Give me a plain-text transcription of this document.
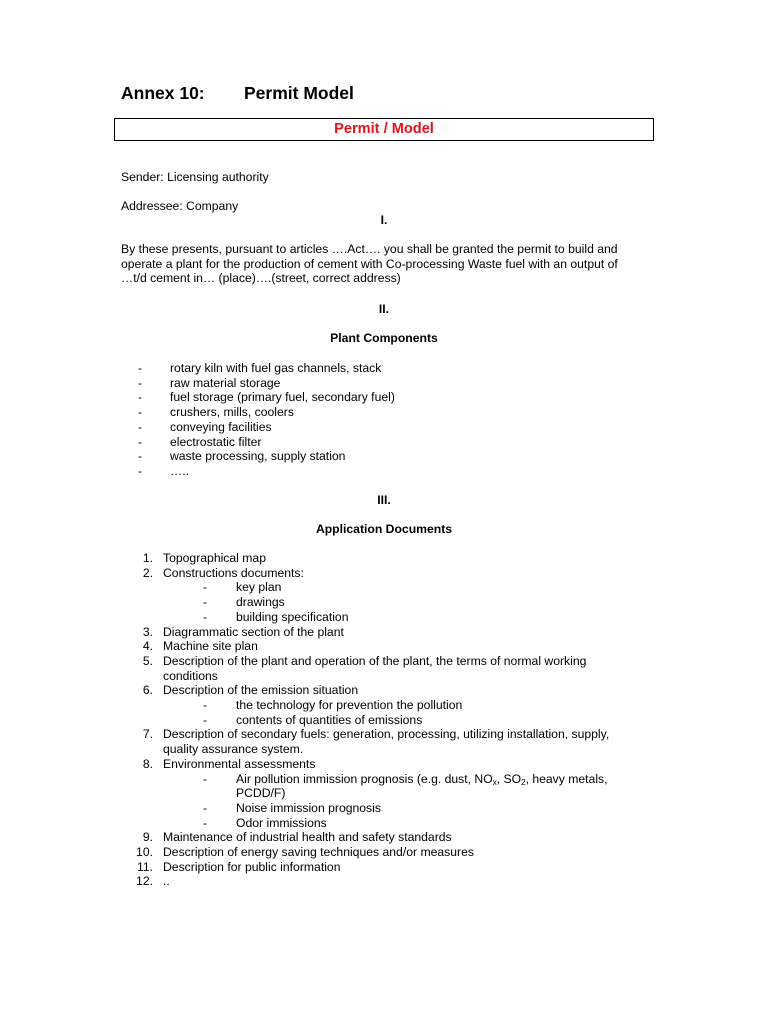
Annex 10: Permit Model
Permit / Model
Sender: Licensing authority
Addressee: Company
I.
By these presents, pursuant to articles ….Act…. you shall be granted the permit to build and
operate a plant for the production of cement with Co-processing Waste fuel with an output of
…t/d cement in… (place)….(street, correct address)
II.
Plant Components
- rotary kiln with fuel gas channels, stack
- raw material storage
- fuel storage (primary fuel, secondary fuel)
- crushers, mills, coolers
- conveying facilities
- electrostatic filter
- waste processing, supply station
- …..
III.
Application Documents
1. Topographical map
2. Constructions documents:
- key plan
- drawings
- building specification
3. Diagrammatic section of the plant
4. Machine site plan
5. Description of the plant and operation of the plant, the terms of normal working
conditions
6. Description of the emission situation
- the technology for prevention the pollution
- contents of quantities of emissions
7. Description of secondary fuels: generation, processing, utilizing installation, supply,
quality assurance system.
8. Environmental assessments
- Air pollution immission prognosis (e.g. dust, $NO_x$, $SO_2$, heavy metals,
PCDD/F)
- Noise immission prognosis
- Odor immissions
9. Maintenance of industrial health and safety standards
10. Description of energy saving techniques and/or measures
11. Description for public information
12. ..
